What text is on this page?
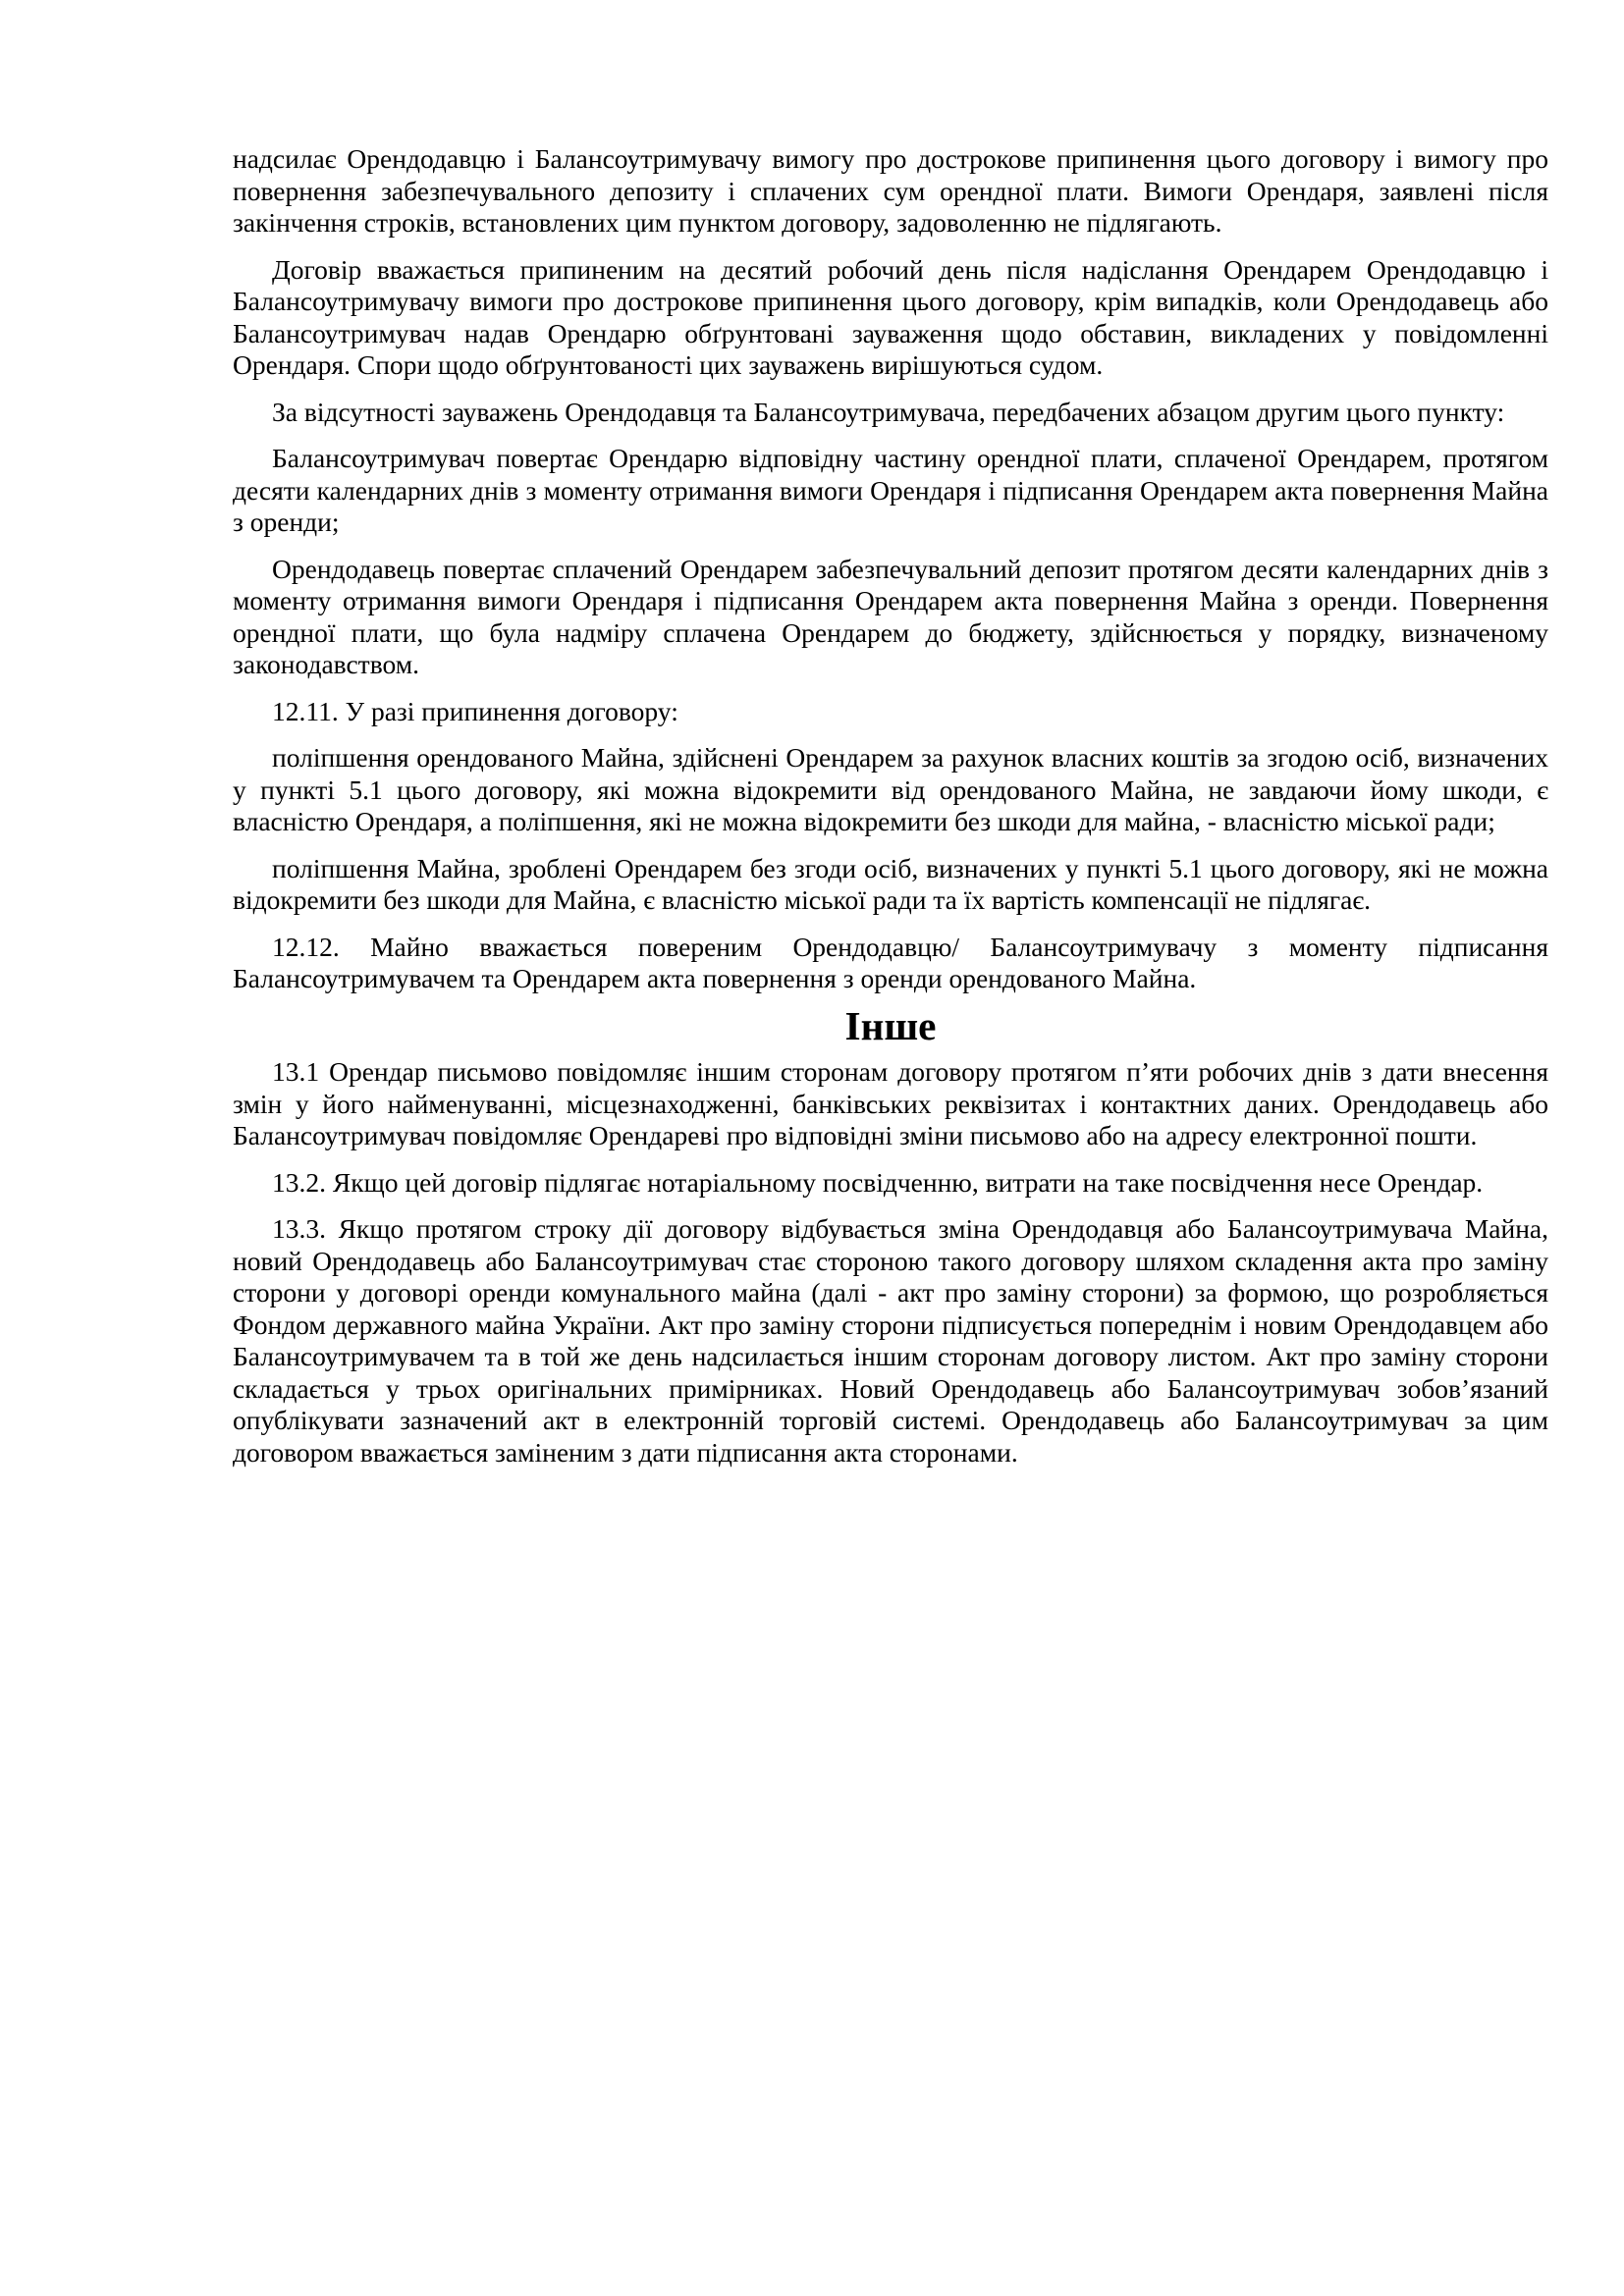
надсилає Орендодавцю і Балансоутримувачу вимогу про дострокове припинення цього договору і вимогу про повернення забезпечувального депозиту і сплачених сум орендної плати. Вимоги Орендаря, заявлені після закінчення строків, встановлених цим пунктом договору, задоволенню не підлягають.

Договір вважається припиненим на десятий робочий день після надіслання Орендарем Орендодавцю і Балансоутримувачу вимоги про дострокове припинення цього договору, крім випадків, коли Орендодавець або Балансоутримувач надав Орендарю обґрунтовані зауваження щодо обставин, викладених у повідомленні Орендаря. Спори щодо обґрунтованості цих зауважень вирішуються судом.

За відсутності зауважень Орендодавця та Балансоутримувача, передбачених абзацом другим цього пункту:

Балансоутримувач повертає Орендарю відповідну частину орендної плати, сплаченої Орендарем, протягом десяти календарних днів з моменту отримання вимоги Орендаря і підписання Орендарем акта повернення Майна з оренди;

Орендодавець повертає сплачений Орендарем забезпечувальний депозит протягом десяти календарних днів з моменту отримання вимоги Орендаря і підписання Орендарем акта повернення Майна з оренди. Повернення орендної плати, що була надміру сплачена Орендарем до бюджету, здійснюється у порядку, визначеному законодавством.

12.11. У разі припинення договору:

поліпшення орендованого Майна, здійснені Орендарем за рахунок власних коштів за згодою осіб, визначених у пункті 5.1 цього договору, які можна відокремити від орендованого Майна, не завдаючи йому шкоди, є власністю Орендаря, а поліпшення, які не можна відокремити без шкоди для майна, - власністю міської ради;

поліпшення Майна, зроблені Орендарем без згоди осіб, визначених у пункті 5.1 цього договору, які не можна відокремити без шкоди для Майна, є власністю міської ради та їх вартість компенсації не підлягає.

12.12. Майно вважається повереним Орендодавцю/ Балансоутримувачу з моменту підписання Балансоутримувачем та Орендарем акта повернення з оренди орендованого Майна.

Інше

13.1 Орендар письмово повідомляє іншим сторонам договору протягом п’яти робочих днів з дати внесення змін у його найменуванні, місцезнаходженні, банківських реквізитах і контактних даних. Орендодавець або Балансоутримувач повідомляє Орендареві про відповідні зміни письмово або на адресу електронної пошти.

13.2. Якщо цей договір підлягає нотаріальному посвідченню, витрати на таке посвідчення несе Орендар.

13.3. Якщо протягом строку дії договору відбувається зміна Орендодавця або Балансоутримувача Майна, новий Орендодавець або Балансоутримувач стає стороною такого договору шляхом складення акта про заміну сторони у договорі оренди комунального майна (далі - акт про заміну сторони) за формою, що розробляється Фондом державного майна України. Акт про заміну сторони підписується попереднім і новим Орендодавцем або Балансоутримувачем та в той же день надсилається іншим сторонам договору листом. Акт про заміну сторони складається у трьох оригінальних примірниках. Новий Орендодавець або Балансоутримувач зобов’язаний опублікувати зазначений акт в електронній торговій системі. Орендодавець або Балансоутримувач за цим договором вважається заміненим з дати підписання акта сторонами.
